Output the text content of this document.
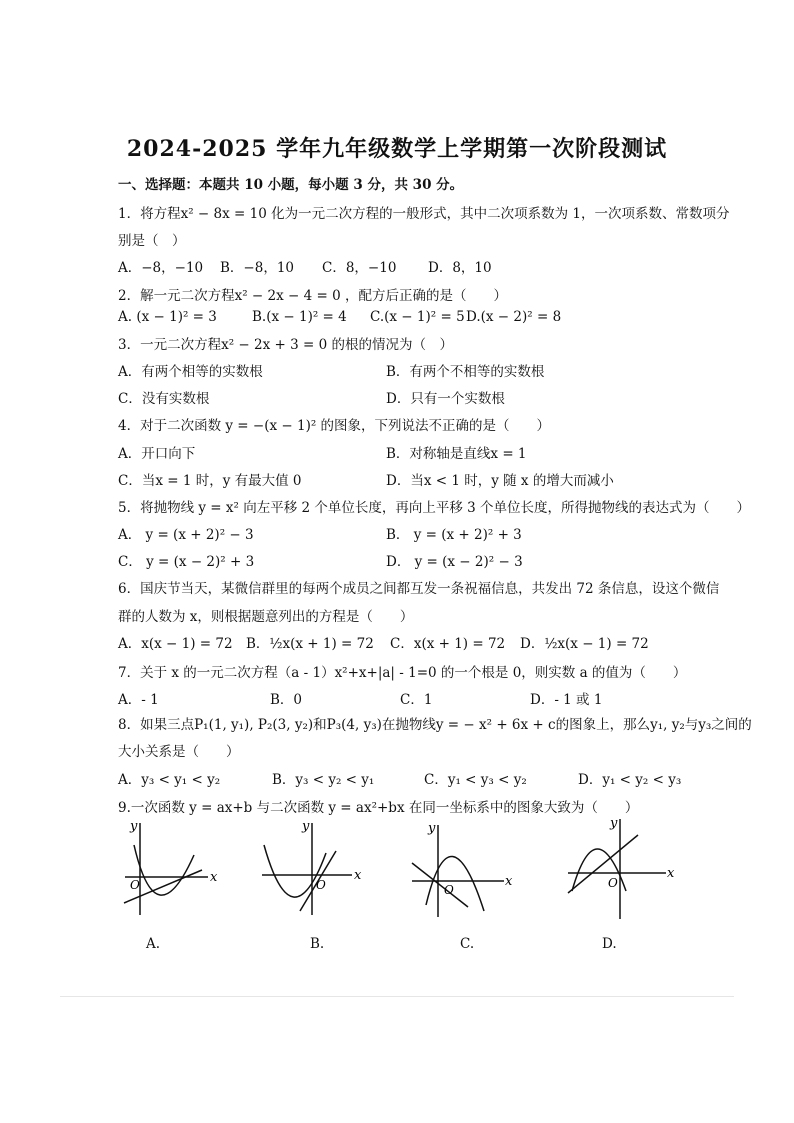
2024-2025 学年九年级数学上学期第一次阶段测试
一、选择题：本题共 10 小题，每小题 3 分，共 30 分。
1．将方程x² − 8x = 10 化为一元二次方程的一般形式，其中二次项系数为 1，一次项系数、常数项分
别是（　）
A．−8，−10 B．−8，10 C．8，−10 D．8，10
2．解一元二次方程x² − 2x − 4 = 0 ，配方后正确的是（　　）
A. (x − 1)² = 3	B.(x − 1)² = 4 C.(x − 1)² = 5 D.(x − 2)² = 8
3．一元二次方程x² − 2x + 3 = 0 的根的情况为（　）
A．有两个相等的实数根	B．有两个不相等的实数根
C．没有实数根	D．只有一个实数根
4．对于二次函数 y = −(x − 1)² 的图象，下列说法不正确的是（　　）
A．开口向下	B．对称轴是直线x = 1
C．当x = 1 时，y 有最大值 0	D．当x < 1 时，y 随 x 的增大而减小
5．将抛物线 y = x² 向左平移 2 个单位长度，再向上平移 3 个单位长度，所得抛物线的表达式为（　　）
A． y = (x + 2)² − 3	B． y = (x + 2)² + 3
C． y = (x − 2)² + 3	D． y = (x − 2)² − 3
6．国庆节当天，某微信群里的每两个成员之间都互发一条祝福信息，共发出 72 条信息，设这个微信
群的人数为 x，则根据题意列出的方程是（　　）
A．x(x − 1) = 72 B．½x(x + 1) = 72 C．x(x + 1) = 72 D．½x(x − 1) = 72
7．关于 x 的一元二次方程（a - 1）x²+x+|a| - 1=0 的一个根是 0，则实数 a 的值为（　　）
A．- 1	B．0	C．1	D．- 1 或 1
8．如果三点P₁(1, y₁), P₂(3, y₂)和P₃(4, y₃)在抛物线y = − x² + 6x + c的图象上，那么y₁, y₂与y₃之间的
大小关系是（　　）
A．y₃ < y₁ < y₂	B．y₃ < y₂ < y₁	C．y₁ < y₃ < y₂	D．y₁ < y₂ < y₃
9.一次函数 y = ax+b 与二次函数 y = ax²+bx 在同一坐标系中的图象大致为（　　）
y
x
O
A.
y
x
O
B.
y
x
O
C.
y
x
O
D.
